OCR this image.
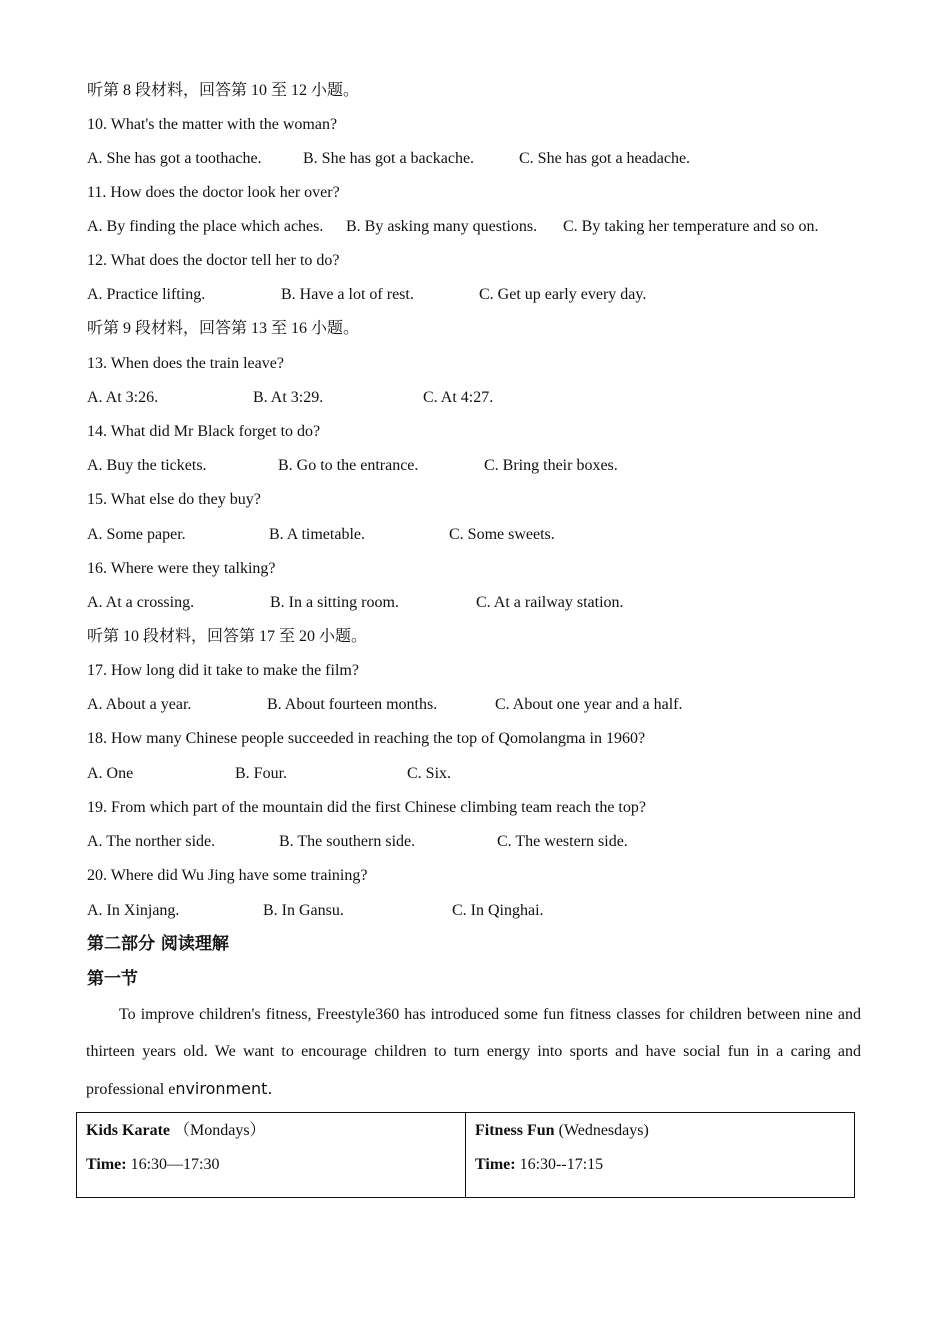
听第 8 段材料，回答第 10 至 12 小题。
10. What's the matter with the woman?
A. She has got a toothache.	B. She has got a backache.	C. She has got a headache.
11. How does the doctor look her over?
A. By finding the place which aches. B. By asking many questions. C. By taking her temperature and so on.
12. What does the doctor tell her to do?
A. Practice lifting.	B. Have a lot of rest.	C. Get up early every day.
听第 9 段材料，回答第 13 至 16 小题。
13. When does the train leave?
A. At 3:26.	B. At 3:29.	C. At 4:27.
14. What did Mr Black forget to do?
A. Buy the tickets.	B. Go to the entrance.	C. Bring their boxes.
15. What else do they buy?
A. Some paper.	B. A timetable.	C. Some sweets.
16. Where were they talking?
A. At a crossing.	B. In a sitting room.	C. At a railway station.
听第 10 段材料，回答第 17 至 20 小题。
17. How long did it take to make the film?
A. About a year.	B. About fourteen months.	C. About one year and a half.
18. How many Chinese people succeeded in reaching the top of Qomolangma in 1960?
A. One	B. Four.	C. Six.
19. From which part of the mountain did the first Chinese climbing team reach the top?
A. The norther side.	B. The southern side.	C. The western side.
20. Where did Wu Jing have some training?
A. In Xinjang.	B. In Gansu.	C. In Qinghai.
第二部分 阅读理解
第一节
To improve children's fitness, Freestyle360 has introduced some fun fitness classes for children between nine and thirteen years old. We want to encourage children to turn energy into sports and have social fun in a caring and professional environment.
Kids Karate （Mondays）
Time: 16:30—17:30

Fitness Fun (Wednesdays)
Time: 16:30--17:15
